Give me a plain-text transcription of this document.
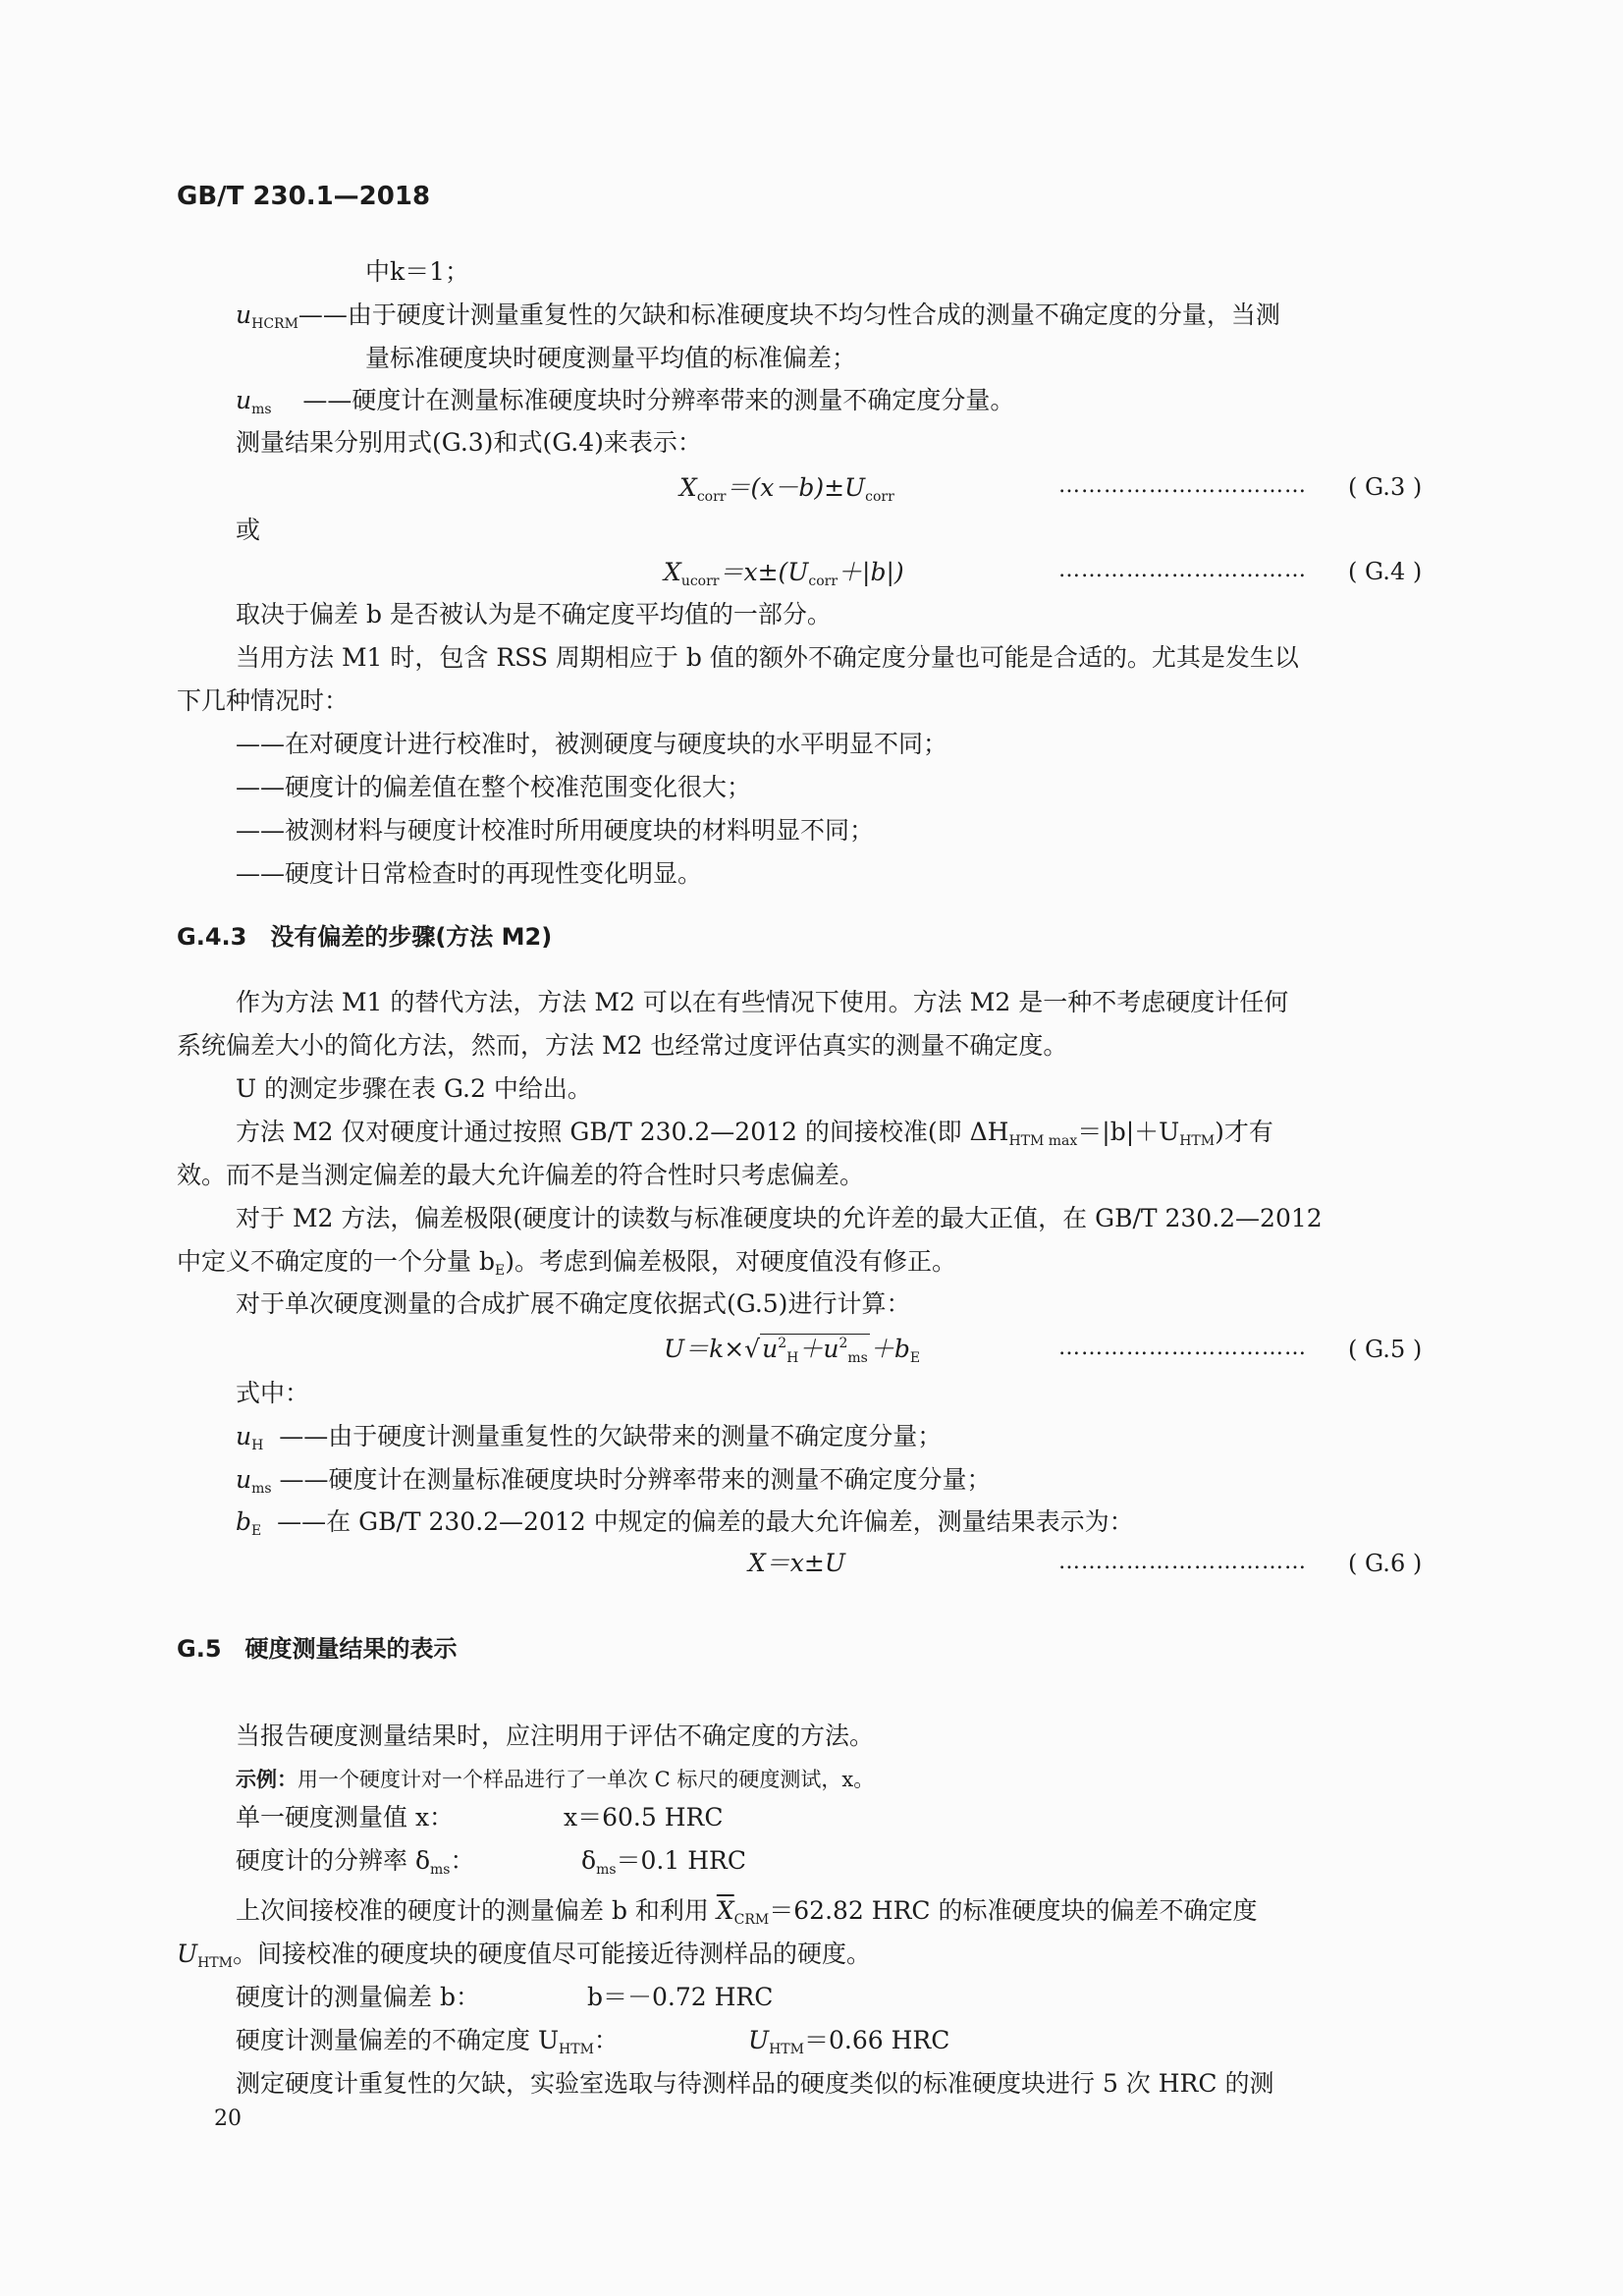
GB/T 230.1—2018
中k＝1；
$u_{HCRM}——$由于硬度计测量重复性的欠缺和标准硬度块不均匀性合成的测量不确定度的分量，当测
量标准硬度块时硬度测量平均值的标准偏差；
$u_{ms}$ ——硬度计在测量标准硬度块时分辨率带来的测量不确定度分量。
测量结果分别用式(G.3)和式(G.4)来表示：
$X_{corr}=(x-b)\pm U_{corr}$	…………………………… ( G.3 )
或
$X_{ucorr}=x\pm(U_{corr}+|b|)$	…………………………… ( G.4 )
取决于偏差 b 是否被认为是不确定度平均值的一部分。
当用方法 M1 时，包含 RSS 周期相应于 b 值的额外不确定度分量也可能是合适的。尤其是发生以
下几种情况时：
——在对硬度计进行校准时，被测硬度与硬度块的水平明显不同；
——硬度计的偏差值在整个校准范围变化很大；
——被测材料与硬度计校准时所用硬度块的材料明显不同；
——硬度计日常检查时的再现性变化明显。
G.4.3　没有偏差的步骤(方法 M2)
作为方法 M1 的替代方法，方法 M2 可以在有些情况下使用。方法 M2 是一种不考虑硬度计任何
系统偏差大小的简化方法，然而，方法 M2 也经常过度评估真实的测量不确定度。
U 的测定步骤在表 G.2 中给出。
方法 M2 仅对硬度计通过按照 GB/T 230.2—2012 的间接校准(即 $\Delta H_{HTM max}=|b|+U_{HTM}$)才有
效。而不是当测定偏差的最大允许偏差的符合性时只考虑偏差。
对于 M2 方法，偏差极限(硬度计的读数与标准硬度块的允许差的最大正值，在 GB/T 230.2—2012
中定义不确定度的一个分量 $b_E$)。考虑到偏差极限，对硬度值没有修正。
对于单次硬度测量的合成扩展不确定度依据式(G.5)进行计算：
$U=k\times√u^2_H+u^2_{ms}+b_E$	…………………………… ( G.5 )
式中：
$u_H$ ——由于硬度计测量重复性的欠缺带来的测量不确定度分量；
$u_{ms}$ ——硬度计在测量标准硬度块时分辨率带来的测量不确定度分量；
$b_E$ ——在 GB/T 230.2—2012 中规定的偏差的最大允许偏差，测量结果表示为：
X＝x±U	…………………………… ( G.6 )
G.5　硬度测量结果的表示
当报告硬度测量结果时，应注明用于评估不确定度的方法。
示例：用一个硬度计对一个样品进行了一单次 C 标尺的硬度测试，x。
单一硬度测量值 x：	x＝60.5 HRC
硬度计的分辨率 $\delta_{ms}$：	$\delta_{ms}=0.1$ HRC
上次间接校准的硬度计的测量偏差 b 和利用 $\overline{X}_{CRM}=62.82$ HRC 的标准硬度块的偏差不确定度
$U_{HTM}$。间接校准的硬度块的硬度值尽可能接近待测样品的硬度。
硬度计的测量偏差 b：	b＝－0.72 HRC
硬度计测量偏差的不确定度 $U_{HTM}$：	$U_{HTM}=0.66$ HRC
测定硬度计重复性的欠缺，实验室选取与待测样品的硬度类似的标准硬度块进行 5 次 HRC 的测
20
